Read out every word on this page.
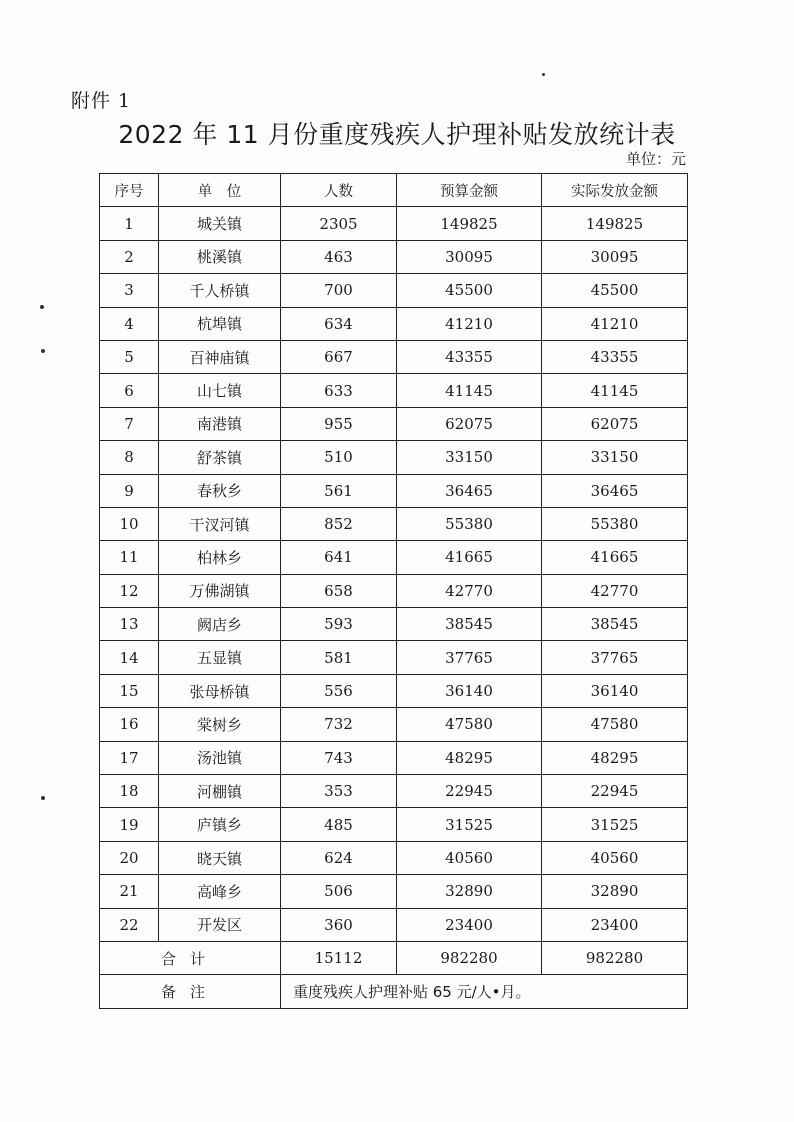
附件 1
2022 年 11 月份重度残疾人护理补贴发放统计表
单位：元
序号	单　位	人数	预算金额	实际发放金额
1	城关镇	2305	149825	149825
2	桃溪镇	463	30095	30095
3	千人桥镇	700	45500	45500
4	杭埠镇	634	41210	41210
5	百神庙镇	667	43355	43355
6	山七镇	633	41145	41145
7	南港镇	955	62075	62075
8	舒茶镇	510	33150	33150
9	春秋乡	561	36465	36465
10	干汊河镇	852	55380	55380
11	柏林乡	641	41665	41665
12	万佛湖镇	658	42770	42770
13	阙店乡	593	38545	38545
14	五显镇	581	37765	37765
15	张母桥镇	556	36140	36140
16	棠树乡	732	47580	47580
17	汤池镇	743	48295	48295
18	河棚镇	353	22945	22945
19	庐镇乡	485	31525	31525
20	晓天镇	624	40560	40560
21	高峰乡	506	32890	32890
22	开发区	360	23400	23400
合计		15112	982280	982280
备注		重度残疾人护理补贴 65 元/人•月。		
